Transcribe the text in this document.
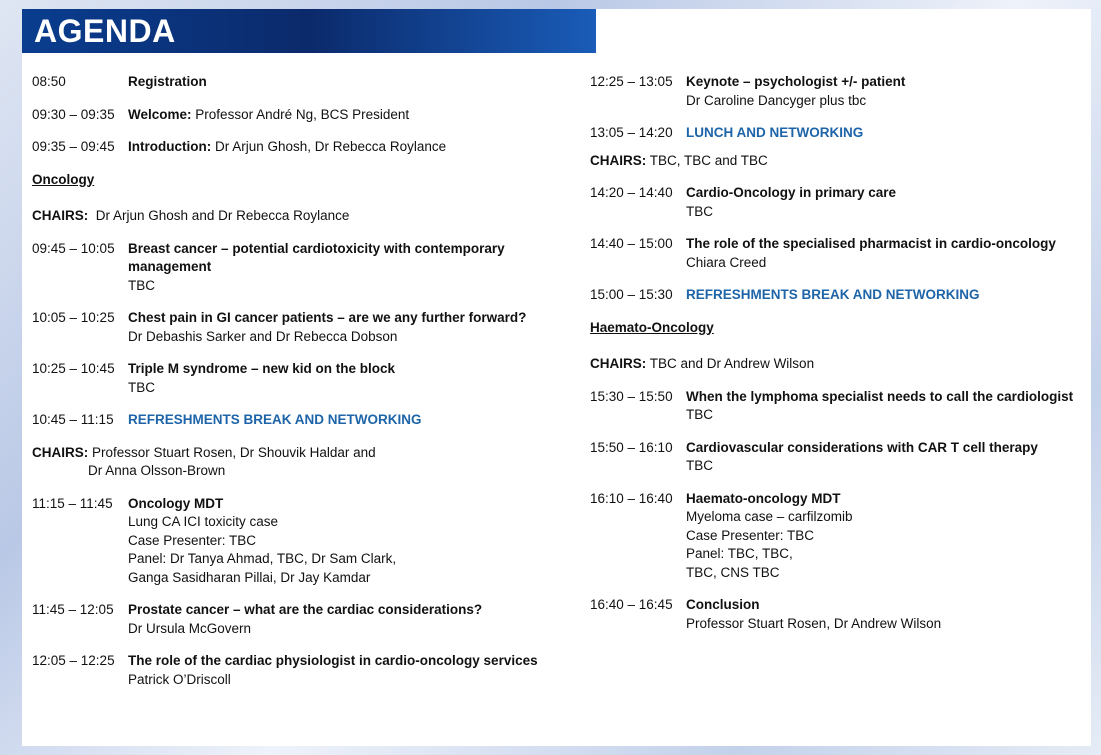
AGENDA
08:50	Registration
09:30 – 09:35 Welcome: Professor André Ng, BCS President
09:35 – 09:45 Introduction: Dr Arjun Ghosh, Dr Rebecca Roylance
Oncology
CHAIRS: Dr Arjun Ghosh and Dr Rebecca Roylance
09:45 – 10:05 Breast cancer – potential cardiotoxicity with contemporary management
TBC
10:05 – 10:25 Chest pain in GI cancer patients – are we any further forward?
Dr Debashis Sarker and Dr Rebecca Dobson
10:25 – 10:45 Triple M syndrome – new kid on the block
TBC
10:45 – 11:15	REFRESHMENTS BREAK AND NETWORKING
CHAIRS: Professor Stuart Rosen, Dr Shouvik Haldar and
Dr Anna Olsson-Brown
11:15 – 11:45	Oncology MDT
Lung CA ICI toxicity case
Case Presenter: TBC
Panel: Dr Tanya Ahmad, TBC, Dr Sam Clark,
Ganga Sasidharan Pillai, Dr Jay Kamdar
11:45 – 12:05	Prostate cancer – what are the cardiac considerations?
Dr Ursula McGovern
12:05 – 12:25 The role of the cardiac physiologist in cardio-oncology services
Patrick O’Driscoll
12:25 – 13:05 Keynote – psychologist +/- patient
Dr Caroline Dancyger plus tbc
13:05 – 14:20 LUNCH AND NETWORKING
CHAIRS: TBC, TBC and TBC
14:20 – 14:40 Cardio-Oncology in primary care
TBC
14:40 – 15:00 The role of the specialised pharmacist in cardio-oncology
Chiara Creed
15:00 – 15:30 REFRESHMENTS BREAK AND NETWORKING
Haemato-Oncology
CHAIRS: TBC and Dr Andrew Wilson
15:30 – 15:50 When the lymphoma specialist needs to call the cardiologist
TBC
15:50 – 16:10 Cardiovascular considerations with CAR T cell therapy
TBC
16:10 – 16:40 Haemato-oncology MDT
Myeloma case – carfilzomib
Case Presenter: TBC
Panel: TBC, TBC,
TBC, CNS TBC
16:40 – 16:45 Conclusion
Professor Stuart Rosen, Dr Andrew Wilson
